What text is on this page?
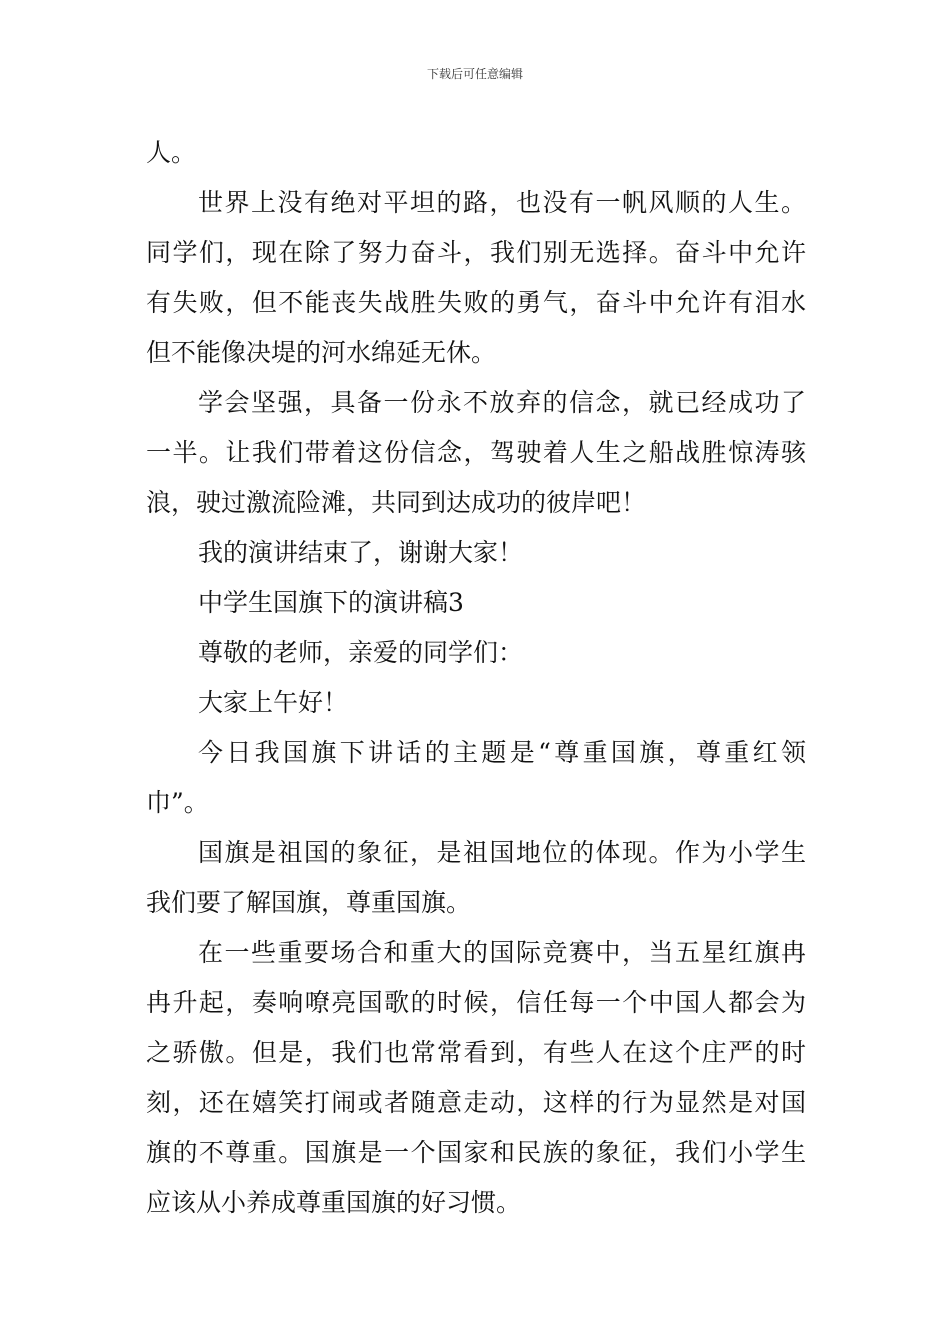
下载后可任意编辑
人。
世界上没有绝对平坦的路，也没有一帆风顺的人生。
同学们，现在除了努力奋斗，我们别无选择。奋斗中允许
有失败，但不能丧失战胜失败的勇气，奋斗中允许有泪水
但不能像决堤的河水绵延无休。
学会坚强，具备一份永不放弃的信念，就已经成功了
一半。让我们带着这份信念，驾驶着人生之船战胜惊涛骇
浪，驶过激流险滩，共同到达成功的彼岸吧！
我的演讲结束了，谢谢大家！
中学生国旗下的演讲稿3
尊敬的老师，亲爱的同学们：
大家上午好！
今日我国旗下讲话的主题是“尊重国旗，尊重红领
巾”。
国旗是祖国的象征，是祖国地位的体现。作为小学生
我们要了解国旗，尊重国旗。
在一些重要场合和重大的国际竞赛中，当五星红旗冉
冉升起，奏响嘹亮国歌的时候，信任每一个中国人都会为
之骄傲。但是，我们也常常看到，有些人在这个庄严的时
刻，还在嬉笑打闹或者随意走动，这样的行为显然是对国
旗的不尊重。国旗是一个国家和民族的象征，我们小学生
应该从小养成尊重国旗的好习惯。
